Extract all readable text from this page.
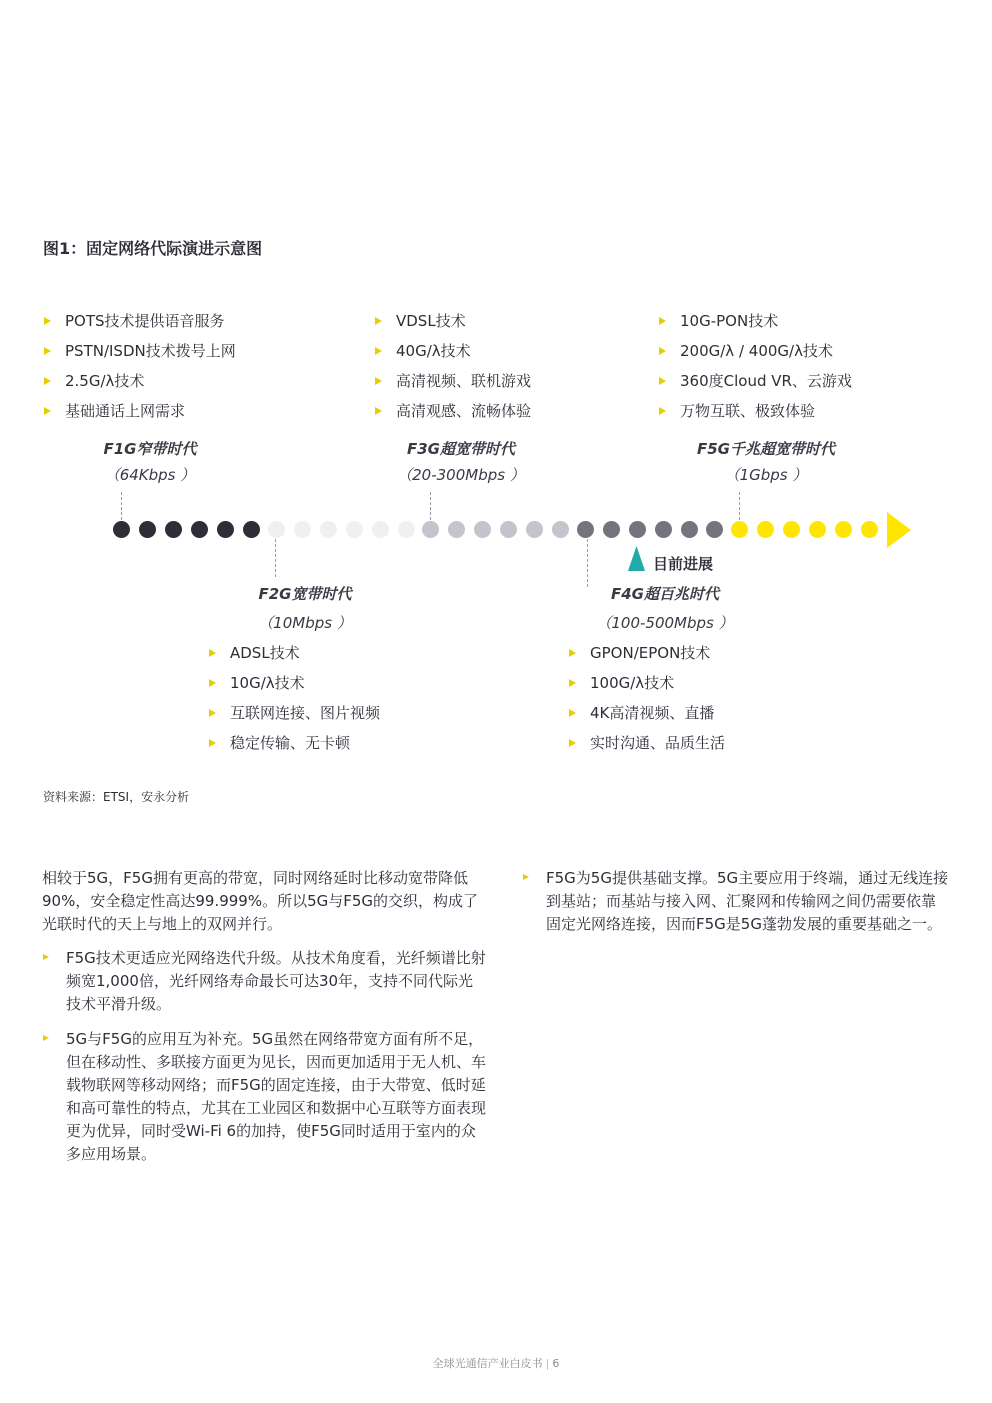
图1：固定网络代际演进示意图
POTS技术提供语音服务
PSTN/ISDN技术拨号上网
2.5G/λ技术
基础通话上网需求
VDSL技术
40G/λ技术
高清视频、联机游戏
高清观感、流畅体验
10G-PON技术
200G/λ / 400G/λ技术
360度Cloud VR、云游戏
万物互联、极致体验
F1G窄带时代
（64Kbps ）
F3G超宽带时代
（20-300Mbps ）
F5G千兆超宽带时代
（1Gbps ）
目前进展
F2G宽带时代
（10Mbps ）
F4G超百兆时代
（100-500Mbps ）
ADSL技术
10G/λ技术
互联网连接、图片视频
稳定传输、无卡顿
GPON/EPON技术
100G/λ技术
4K高清视频、直播
实时沟通、品质生活
资料来源：ETSI，安永分析
相较于5G，F5G拥有更高的带宽，同时网络延时比移动宽带降低90%，安全稳定性高达99.999%。所以5G与F5G的交织，构成了光联时代的天上与地上的双网并行。
F5G技术更适应光网络迭代升级。从技术角度看，光纤频谱比射频宽1,000倍，光纤网络寿命最长可达30年，支持不同代际光技术平滑升级。
5G与F5G的应用互为补充。5G虽然在网络带宽方面有所不足，但在移动性、多联接方面更为见长，因而更加适用于无人机、车载物联网等移动网络；而F5G的固定连接，由于大带宽、低时延和高可靠性的特点，尤其在工业园区和数据中心互联等方面表现更为优异，同时受Wi-Fi 6的加持，使F5G同时适用于室内的众多应用场景。
F5G为5G提供基础支撑。5G主要应用于终端，通过无线连接到基站；而基站与接入网、汇聚网和传输网之间仍需要依靠固定光网络连接，因而F5G是5G蓬勃发展的重要基础之一。
全球光通信产业白皮书 | 6
